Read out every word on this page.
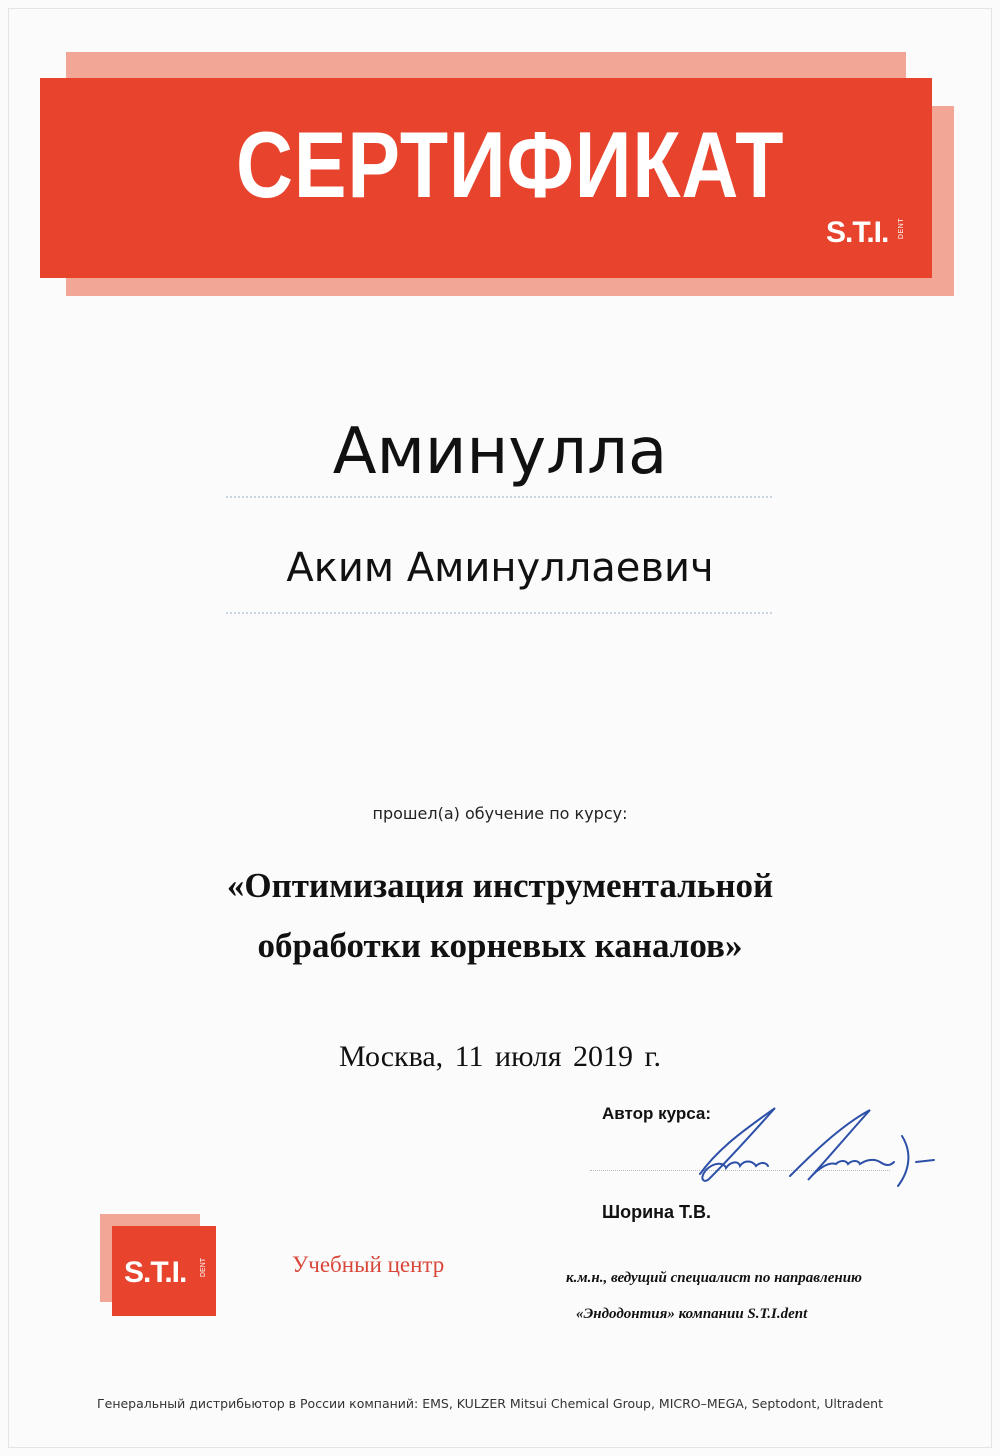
СЕРТИФИКАТ
S.T.I. DENT
Аминулла
Аким Аминуллаевич
прошел(а) обучение по курсу:
«Оптимизация инструментальной
обработки корневых каналов»
Москва, 11 июля 2019 г.
Автор курса:
Шорина Т.В.
к.м.н., ведущий специалист по направлению
«Эндодонтия» компании S.T.I.dent
S.T.I. DENT	Учебный центр
Генеральный дистрибьютор в России компаний: EMS, KULZER Mitsui Chemical Group, MICRO–MEGA, Septodont, Ultradent
